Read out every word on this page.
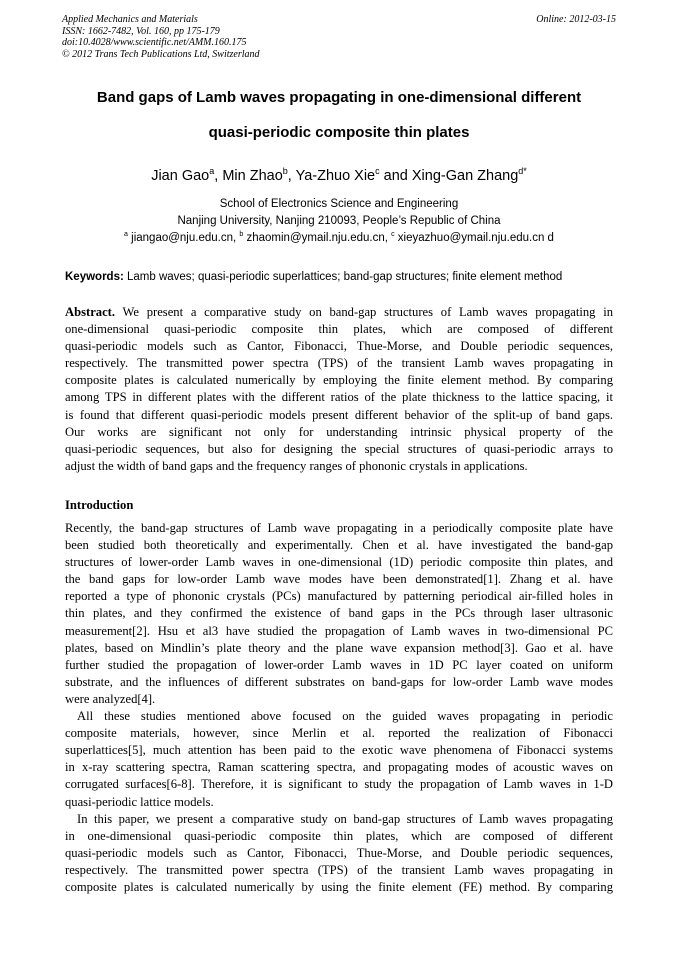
Applied Mechanics and Materials
ISSN: 1662-7482, Vol. 160, pp 175-179
doi:10.4028/www.scientific.net/AMM.160.175
© 2012 Trans Tech Publications Ltd, Switzerland
Online: 2012-03-15
Band gaps of Lamb waves propagating in one-dimensional different
quasi-periodic composite thin plates
Jian Gao$^a$, Min Zhao$^b$, Ya-Zhuo Xie$^c$ and Xing-Gan Zhang$^{d*}$
School of Electronics Science and Engineering
Nanjing University, Nanjing 210093, People’s Republic of China
$^a$ jiangao@nju.edu.cn, $^b$ zhaomin@ymail.nju.edu.cn, $^c$ xieyazhuo@ymail.nju.edu.cn d
Keywords: Lamb waves; quasi-periodic superlattices; band-gap structures; finite element method
Abstract. We present a comparative study on band-gap structures of Lamb waves propagating in
one-dimensional quasi-periodic composite thin plates, which are composed of different
quasi-periodic models such as Cantor, Fibonacci, Thue-Morse, and Double periodic sequences,
respectively. The transmitted power spectra (TPS) of the transient Lamb waves propagating in
composite plates is calculated numerically by employing the finite element method. By comparing
among TPS in different plates with the different ratios of the plate thickness to the lattice spacing, it
is found that different quasi-periodic models present different behavior of the split-up of band gaps.
Our works are significant not only for understanding intrinsic physical property of the
quasi-periodic sequences, but also for designing the special structures of quasi-periodic arrays to
adjust the width of band gaps and the frequency ranges of phononic crystals in applications.
Introduction
Recently, the band-gap structures of Lamb wave propagating in a periodically composite plate have
been studied both theoretically and experimentally. Chen et al. have investigated the band-gap
structures of lower-order Lamb waves in one-dimensional (1D) periodic composite thin plates, and
the band gaps for low-order Lamb wave modes have been demonstrated[1]. Zhang et al. have
reported a type of phononic crystals (PCs) manufactured by patterning periodical air-filled holes in
thin plates, and they confirmed the existence of band gaps in the PCs through laser ultrasonic
measurement[2]. Hsu et al3 have studied the propagation of Lamb waves in two-dimensional PC
plates, based on Mindlin’s plate theory and the plane wave expansion method[3]. Gao et al. have
further studied the propagation of lower-order Lamb waves in 1D PC layer coated on uniform
substrate, and the influences of different substrates on band-gaps for low-order Lamb wave modes
were analyzed[4].
All these studies mentioned above focused on the guided waves propagating in periodic
composite materials, however, since Merlin et al. reported the realization of Fibonacci
superlattices[5], much attention has been paid to the exotic wave phenomena of Fibonacci systems
in x-ray scattering spectra, Raman scattering spectra, and propagating modes of acoustic waves on
corrugated surfaces[6-8]. Therefore, it is significant to study the propagation of Lamb waves in 1-D
quasi-periodic lattice models.
In this paper, we present a comparative study on band-gap structures of Lamb waves propagating
in one-dimensional quasi-periodic composite thin plates, which are composed of different
quasi-periodic models such as Cantor, Fibonacci, Thue-Morse, and Double periodic sequences,
respectively. The transmitted power spectra (TPS) of the transient Lamb waves propagating in
composite plates is calculated numerically by using the finite element (FE) method. By comparing
